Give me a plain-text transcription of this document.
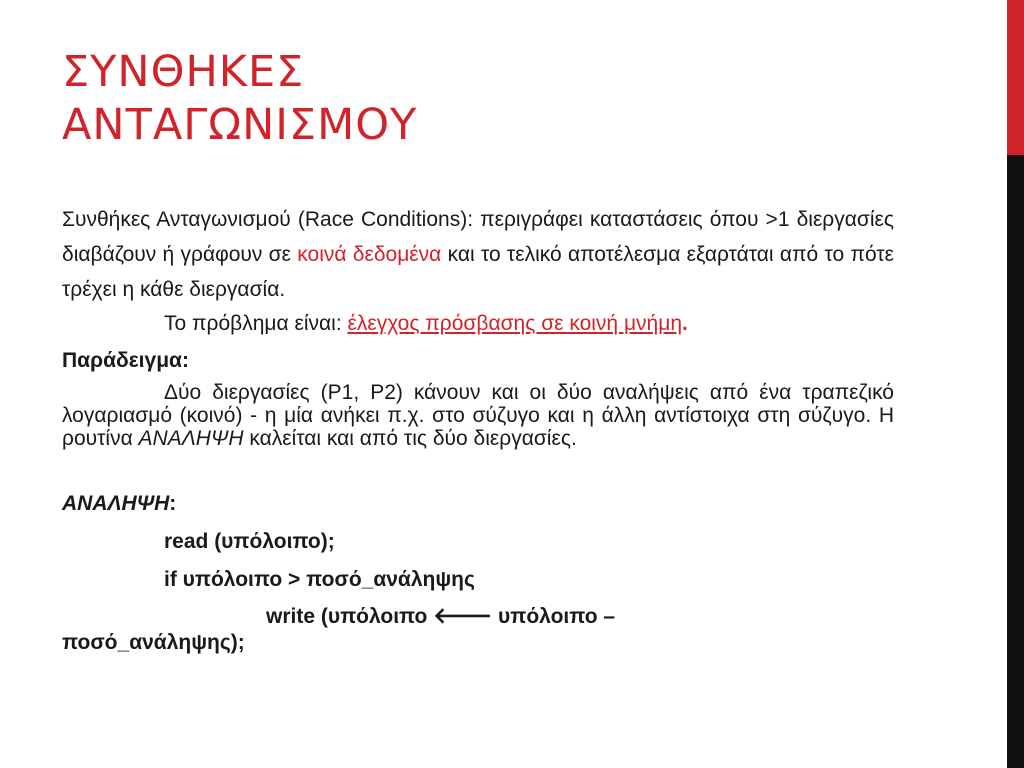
ΣΥΝΘΗΚΕΣ
ΑΝΤΑΓΩΝΙΣΜΟΥ

Συνθήκες Ανταγωνισμού (Race Conditions): περιγράφει καταστάσεις όπου >1 διεργασίες διαβάζουν ή γράφουν σε κοινά δεδομένα και το τελικό αποτέλεσμα εξαρτάται από το πότε τρέχει η κάθε διεργασία.

Το πρόβλημα είναι: έλεγχος πρόσβασης σε κοινή μνήμη.

Παράδειγμα:

Δύο διεργασίες (P1, P2) κάνουν και οι δύο αναλήψεις από ένα τραπεζικό λογαριασμό (κοινό) - η μία ανήκει π.χ. στο σύζυγο και η άλλη αντίστοιχα στη σύζυγο. Η ρουτίνα ΑΝΑΛΗΨΗ καλείται και από τις δύο διεργασίες.

ΑΝΑΛΗΨΗ:

read (υπόλοιπο);

if υπόλοιπο > ποσό_ανάληψης

write (υπόλοιπο 🡐 υπόλοιπο –

ποσό_ανάληψης);
